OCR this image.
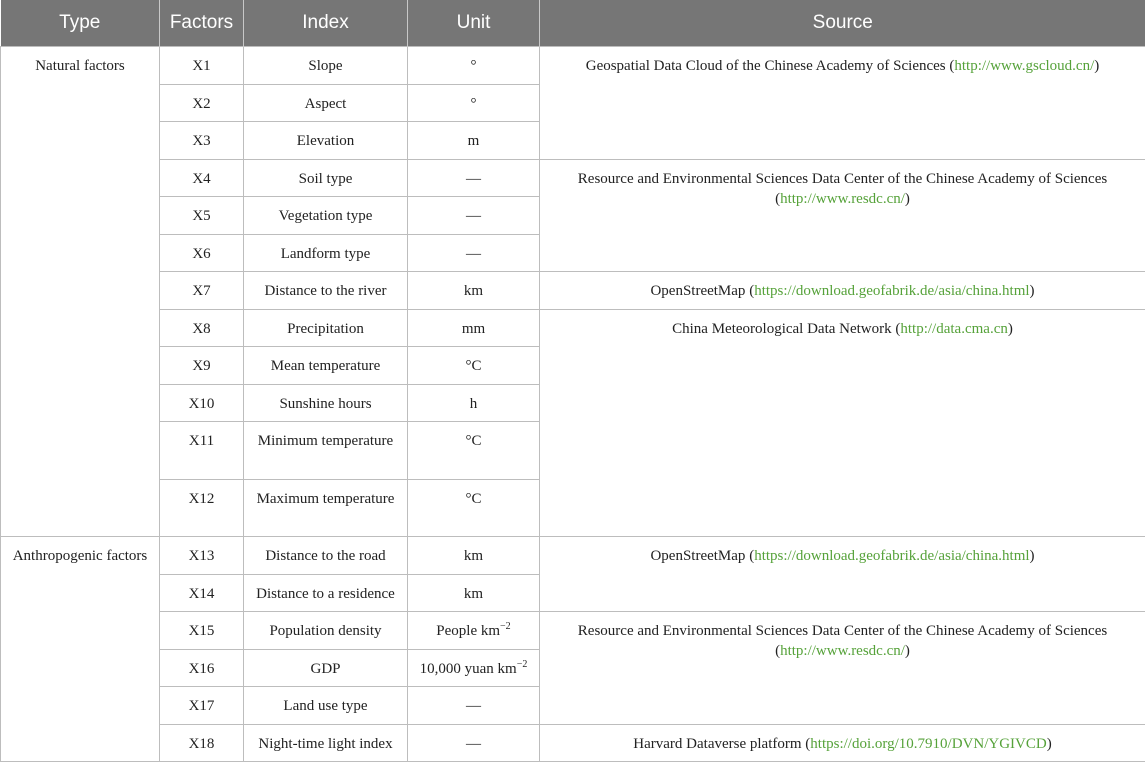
Type	Factors	Index	Unit	Source
Natural factors	X1	Slope	°	Geospatial Data Cloud of the Chinese Academy of Sciences (http://www.gscloud.cn/)
	X2	Aspect	°	
	X3	Elevation	m	
	X4	Soil type	—	Resource and Environmental Sciences Data Center of the Chinese Academy of Sciences (http://www.resdc.cn/)
	X5	Vegetation type	—	
	X6	Landform type	—	
	X7	Distance to the river	km	OpenStreetMap (https://download.geofabrik.de/asia/china.html)
	X8	Precipitation	mm	China Meteorological Data Network (http://data.cma.cn)
	X9	Mean temperature	°C	
	X10	Sunshine hours	h	
	X11	Minimum temperature	°C	
	X12	Maximum temperature	°C	
Anthropogenic factors	X13	Distance to the road	km	OpenStreetMap (https://download.geofabrik.de/asia/china.html)
	X14	Distance to a residence	km	
	X15	Population density	People $km^{-2}$	Resource and Environmental Sciences Data Center of the Chinese Academy of Sciences (http://www.resdc.cn/)
	X16	GDP	10,000 yuan $km^{-2}$
	X17	Land use type	—	
	X18	Night-time light index	—	Harvard Dataverse platform (https://doi.org/10.7910/DVN/YGIVCD)
